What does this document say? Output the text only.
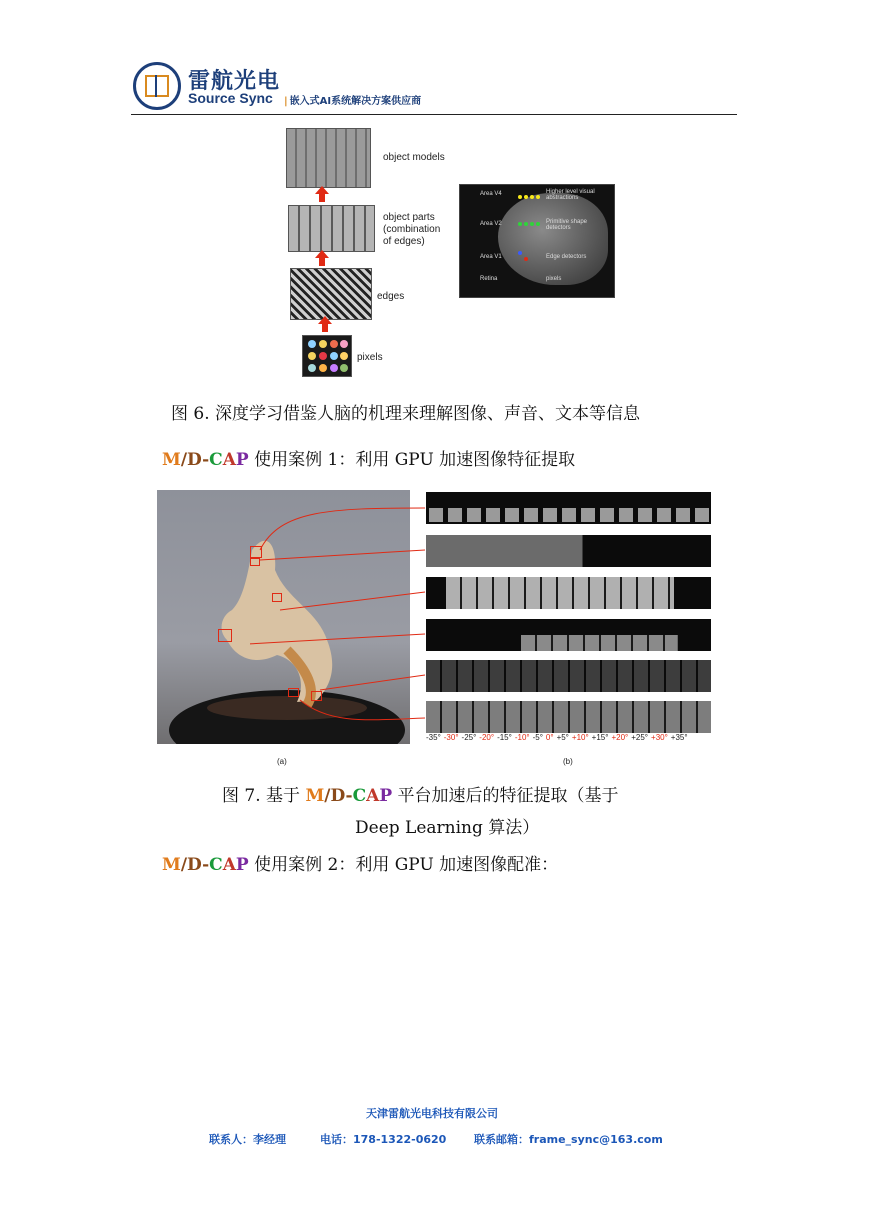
雷航光电
Source Sync | 嵌入式AI系统解决方案供应商
object models
object parts
(combination
of edges)
edges
pixels
Area V4	Higher level visual abstractions
Area V2	Primitive shape detectors
Area V1	Edge detectors
Retina	pixels
图 6. 深度学习借鉴人脑的机理来理解图像、声音、文本等信息
M/D-CAP 使用案例 1：利用 GPU 加速图像特征提取
-35° -30° -25° -20° -15° -10° -5° 0° +5° +10° +15° +20° +25° +30° +35°
(a)	(b)
图 7. 基于 M/D-CAP 平台加速后的特征提取（基于
Deep Learning 算法）
M/D-CAP 使用案例 2：利用 GPU 加速图像配准：
天津雷航光电科技有限公司
联系人：李经理	电话：178-1322-0620	联系邮箱：frame_sync@163.com
